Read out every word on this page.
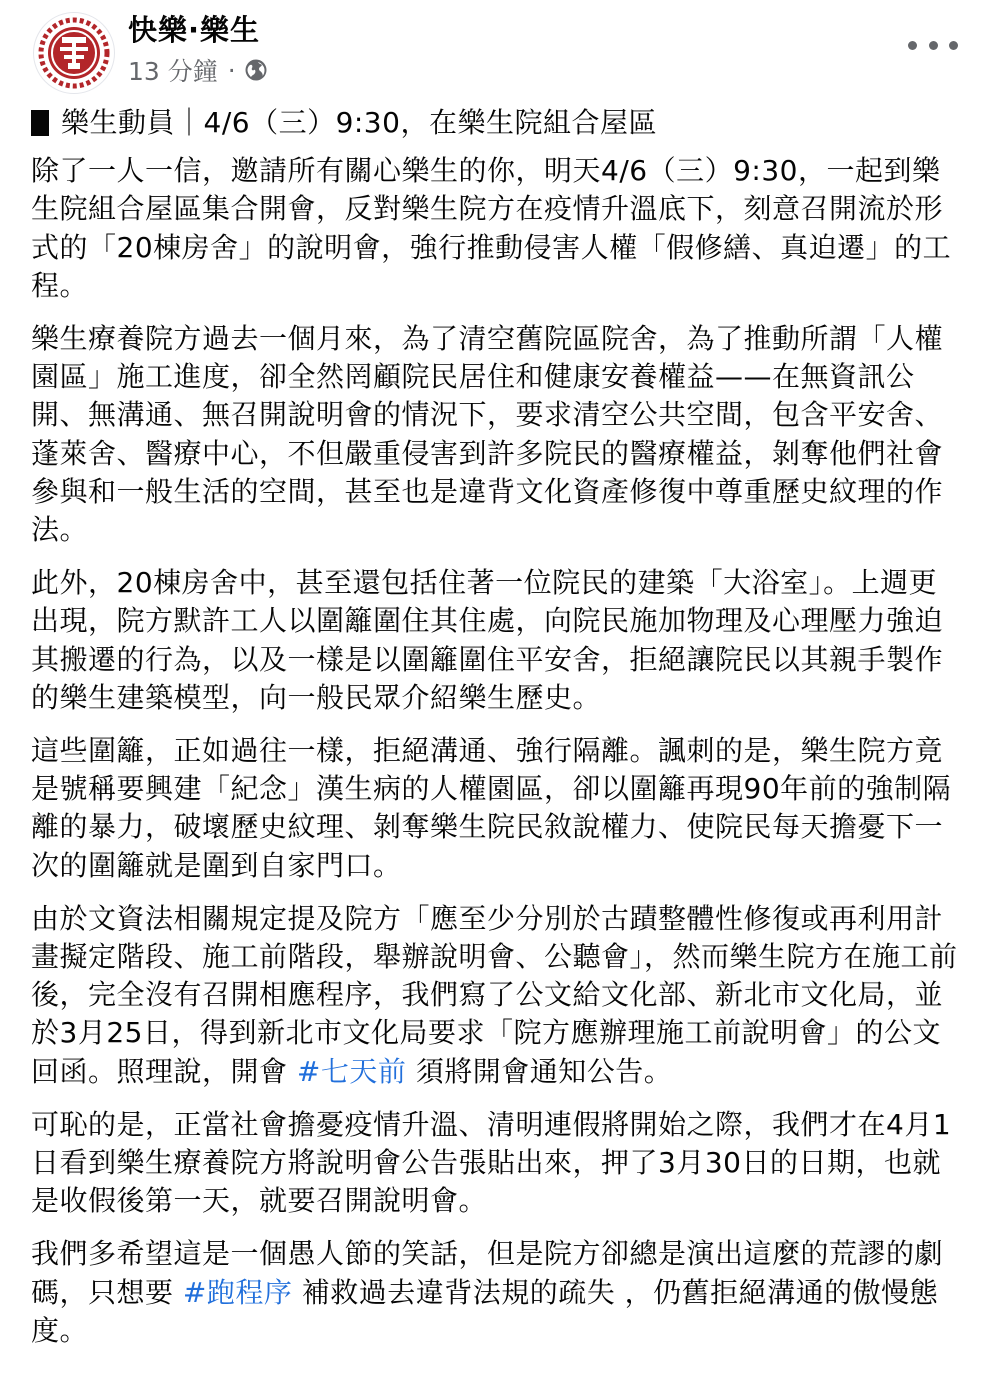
快樂·樂生
13 分鐘 ·

樂生動員｜4/6（三）9:30，在樂生院組合屋區

除了一人一信，邀請所有關心樂生的你，明天4/6（三）9:30，一起到樂生院組合屋區集合開會，反對樂生院方在疫情升溫底下，刻意召開流於形式的「20棟房舍」的說明會，強行推動侵害人權「假修繕、真迫遷」的工程。

樂生療養院方過去一個月來，為了清空舊院區院舍，為了推動所謂「人權園區」施工進度，卻全然罔顧院民居住和健康安養權益——在無資訊公開、無溝通、無召開說明會的情況下，要求清空公共空間，包含平安舍、蓬萊舍、醫療中心，不但嚴重侵害到許多院民的醫療權益，剝奪他們社會參與和一般生活的空間，甚至也是違背文化資產修復中尊重歷史紋理的作法。

此外，20棟房舍中，甚至還包括住著一位院民的建築「大浴室」。上週更出現，院方默許工人以圍籬圍住其住處，向院民施加物理及心理壓力強迫其搬遷的行為，以及一樣是以圍籬圍住平安舍，拒絕讓院民以其親手製作的樂生建築模型，向一般民眾介紹樂生歷史。

這些圍籬，正如過往一樣，拒絕溝通、強行隔離。諷刺的是，樂生院方竟是號稱要興建「紀念」漢生病的人權園區，卻以圍籬再現90年前的強制隔離的暴力，破壞歷史紋理、剝奪樂生院民敘說權力、使院民每天擔憂下一次的圍籬就是圍到自家門口。

由於文資法相關規定提及院方「應至少分別於古蹟整體性修復或再利用計畫擬定階段、施工前階段，舉辦說明會、公聽會」，然而樂生院方在施工前後，完全沒有召開相應程序，我們寫了公文給文化部、新北市文化局，並於3月25日，得到新北市文化局要求「院方應辦理施工前說明會」的公文回函。照理說，開會 #七天前 須將開會通知公告。

可恥的是，正當社會擔憂疫情升溫、清明連假將開始之際，我們才在4月1日看到樂生療養院方將說明會公告張貼出來，押了3月30日的日期，也就是收假後第一天，就要召開說明會。

我們多希望這是一個愚人節的笑話，但是院方卻總是演出這麼的荒謬的劇碼，只想要 #跑程序 補救過去違背法規的疏失 ，仍舊拒絕溝通的傲慢態度。
